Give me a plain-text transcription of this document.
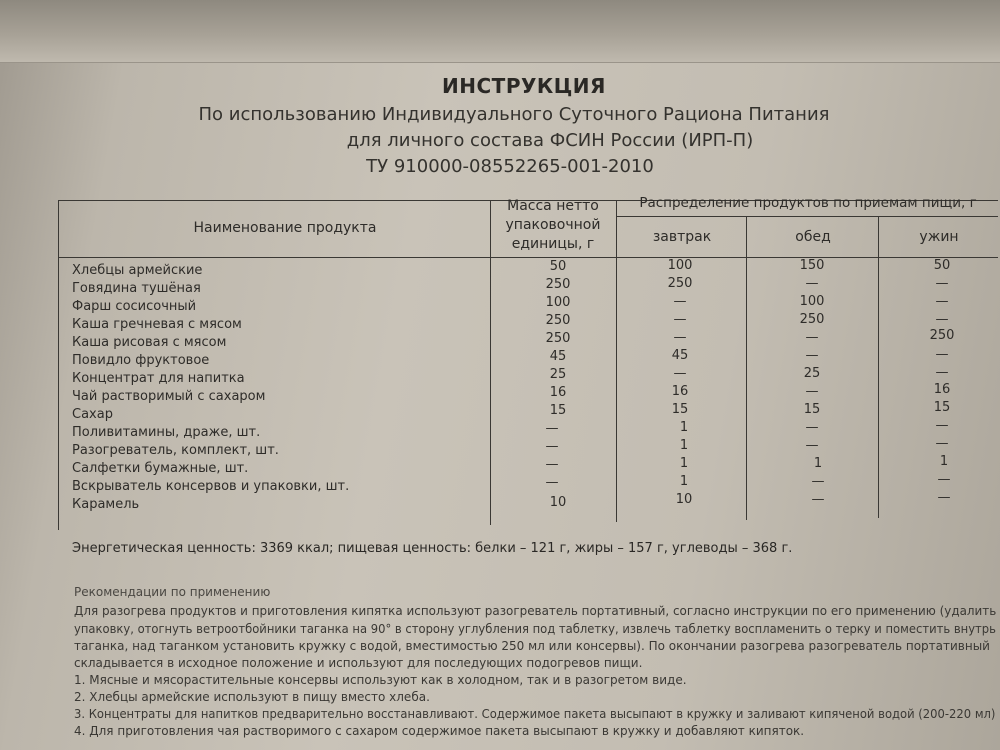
ИНСТРУКЦИЯ
По использованию Индивидуального Суточного Рациона Питания
для личного состава ФСИН России (ИРП-П)
ТУ 910000-08552265-001-2010
Наименование продукта
Масса нетто
упаковочной
единицы, г
Распределение продуктов по приемам пищи, г
завтрак	обед	ужин
Хлебцы армейские	50	100	150	50
Говядина тушёная	250	250	—	—
Фарш сосисочный	100	—	100	—
Каша гречневая с мясом	250	—	250	—
Каша рисовая с мясом	250	—	—	250
Повидло фруктовое	45	45	—	—
Концентрат для напитка	25	—	25	—
Чай растворимый с сахаром	16	16	—	16
Сахар	15	15	15	15
Поливитамины, драже, шт.	—	1	—	—
Разогреватель, комплект, шт.	—	1	—	—
Салфетки бумажные, шт.	—	1	1	1
Вскрыватель консервов и упаковки, шт.	—	1	—	—
Карамель	10	10	—	—
Энергетическая ценность: 3369 ккал; пищевая ценность: белки – 121 г, жиры – 157 г, углеводы – 368 г.
Рекомендации по применению
Для разогрева продуктов и приготовления кипятка используют разогреватель портативный, согласно инструкции по его применению (удалить
упаковку, отогнуть ветроотбойники таганка на 90° в сторону углубления под таблетку, извлечь таблетку воспламенить о терку и поместить внутрь
таганка, над таганком установить кружку с водой, вместимостью 250 мл или консервы). По окончании разогрева разогреватель портативный
складывается в исходное положение и используют для последующих подогревов пищи.
1. Мясные и мясорастительные консервы используют как в холодном, так и в разогретом виде.
2. Хлебцы армейские используют в пищу вместо хлеба.
3. Концентраты для напитков предварительно восстанавливают. Содержимое пакета высыпают в кружку и заливают кипяченой водой (200-220 мл)
4. Для приготовления чая растворимого с сахаром содержимое пакета высыпают в кружку и добавляют кипяток.
